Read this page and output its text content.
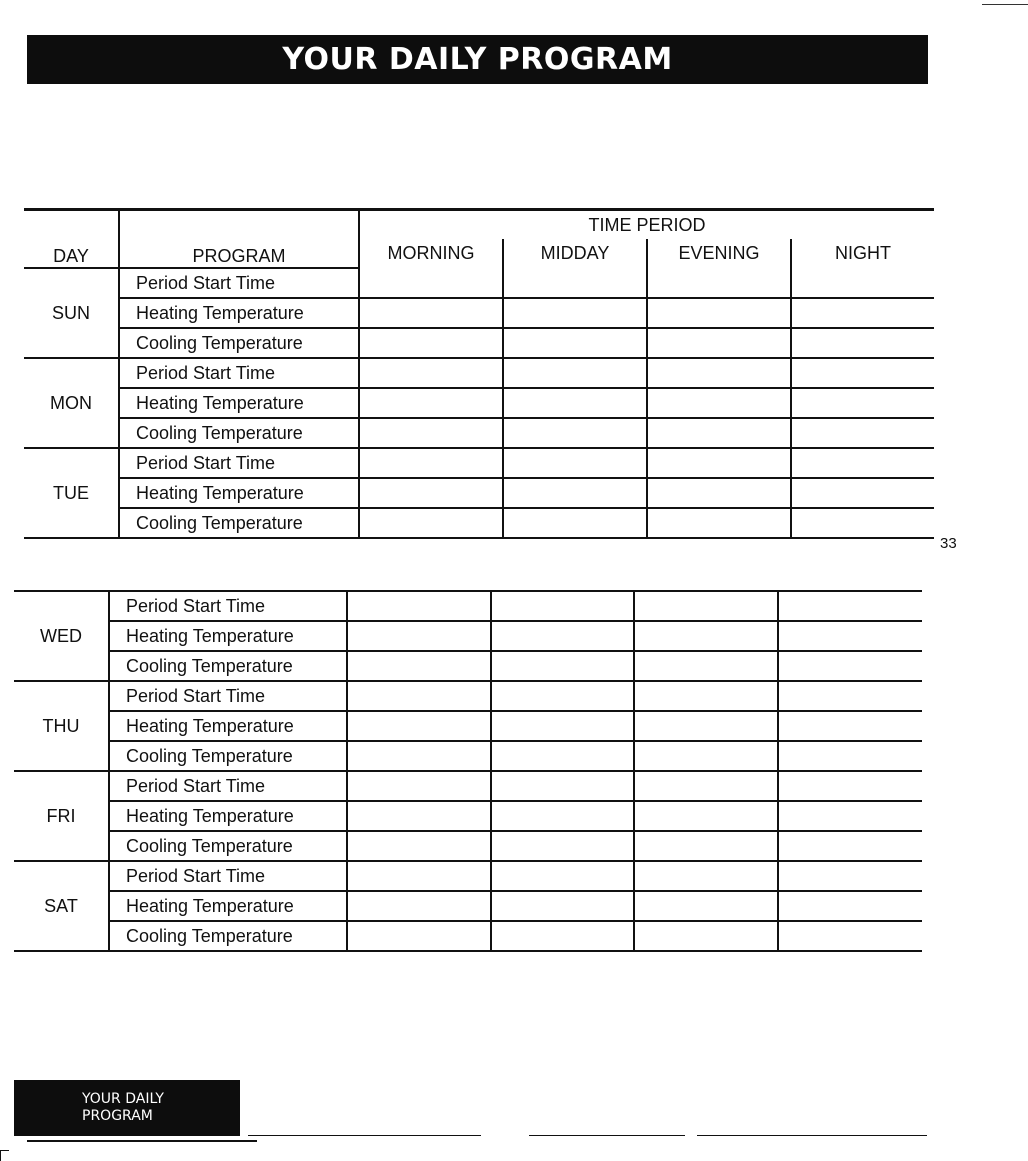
YOUR DAILY PROGRAM
		TIME PERIOD			
DAY	PROGRAM	MORNING	MIDDAY	EVENING	NIGHT
SUN	Period Start Time				
	Heating Temperature				
	Cooling Temperature				
MON	Period Start Time				
	Heating Temperature				
	Cooling Temperature				
TUE	Period Start Time				
	Heating Temperature				
	Cooling Temperature				
WED	Period Start Time				
	Heating Temperature				
	Cooling Temperature				
THU	Period Start Time				
	Heating Temperature				
	Cooling Temperature				
FRI	Period Start Time				
	Heating Temperature				
	Cooling Temperature				
SAT	Period Start Time				
	Heating Temperature				
	Cooling Temperature				
33
YOUR DAILY
PROGRAM
